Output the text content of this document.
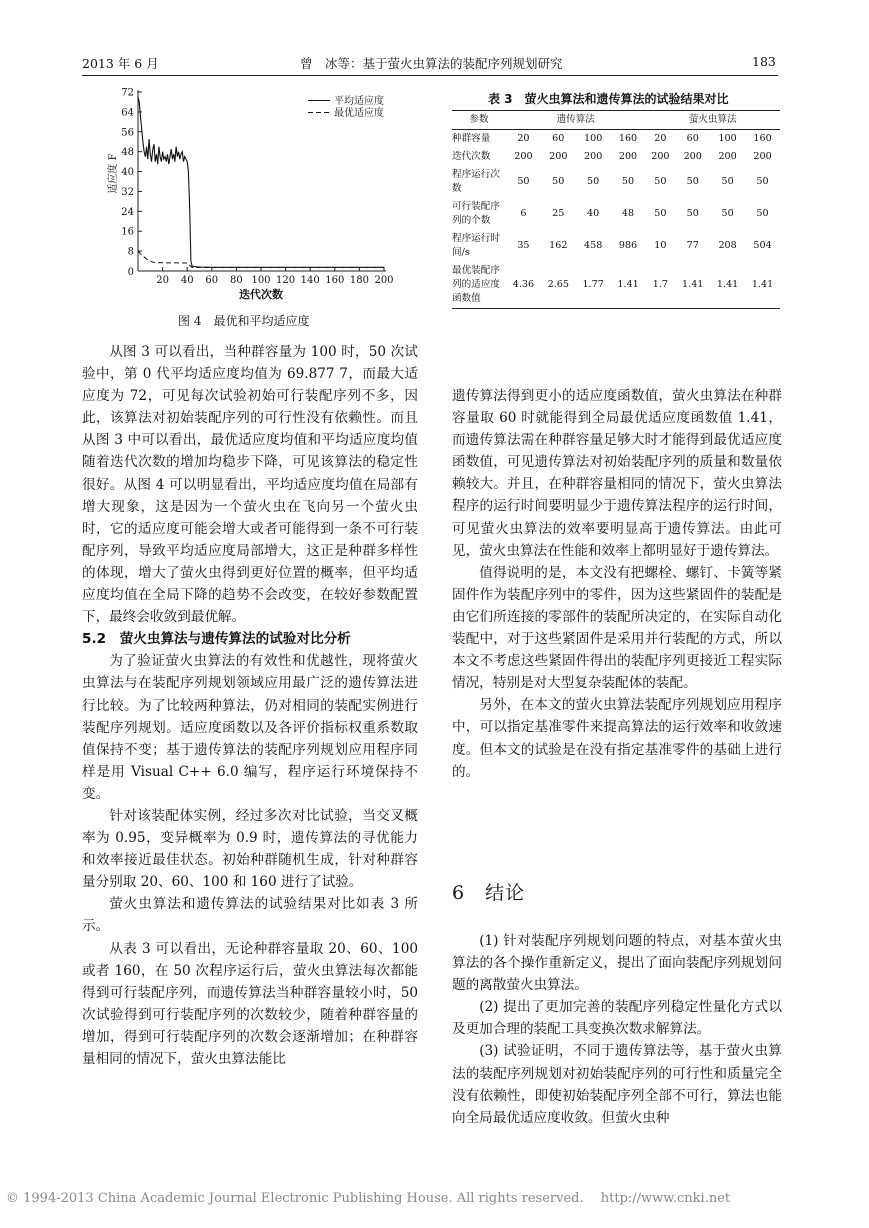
2013 年 6 月	曾　冰等：基于萤火虫算法的装配序列规划研究	183
8
16
24
32
40
48
56
64
72
20 40 60 80 100 120 140 160 180 200
0
迭代次数
适应度 F
平均适应度
最优适应度
图 4　最优和平均适应度

从图 3 可以看出，当种群容量为 100 时，50 次试验中，第 0 代平均适应度均值为 69.877 7，而最大适应度为 72，可见每次试验初始可行装配序列不多，因此，该算法对初始装配序列的可行性没有依赖性。而且从图 3 中可以看出，最优适应度均值和平均适应度均值随着迭代次数的增加均稳步下降，可见该算法的稳定性很好。从图 4 可以明显看出，平均适应度均值在局部有增大现象，这是因为一个萤火虫在飞向另一个萤火虫时，它的适应度可能会增大或者可能得到一条不可行装配序列，导致平均适应度局部增大，这正是种群多样性的体现，增大了萤火虫得到更好位置的概率，但平均适应度均值在全局下降的趋势不会改变，在较好参数配置下，最终会收敛到最优解。

5.2　萤火虫算法与遗传算法的试验对比分析

为了验证萤火虫算法的有效性和优越性，现将萤火虫算法与在装配序列规划领域应用最广泛的遗传算法进行比较。为了比较两种算法，仍对相同的装配实例进行装配序列规划。适应度函数以及各评价指标权重系数取值保持不变；基于遗传算法的装配序列规划应用程序同样是用 Visual C++ 6.0 编写，程序运行环境保持不变。

针对该装配体实例，经过多次对比试验，当交叉概率为 0.95，变异概率为 0.9 时，遗传算法的寻优能力和效率接近最佳状态。初始种群随机生成，针对种群容量分别取 20、60、100 和 160 进行了试验。

萤火虫算法和遗传算法的试验结果对比如表 3 所示。

从表 3 可以看出，无论种群容量取 20、60、100 或者 160，在 50 次程序运行后，萤火虫算法每次都能得到可行装配序列，而遗传算法当种群容量较小时，50 次试验得到可行装配序列的次数较少，随着种群容量的增加，得到可行装配序列的次数会逐渐增加；在种群容量相同的情况下，萤火虫算法能比

表 3　萤火虫算法和遗传算法的试验结果对比
参数	遗传算法				萤火虫算法			
种群容量	20	60	100	160	20	60	100	160
迭代次数	200	200	200	200	200	200	200	200
程序运行次数	50	50	50	50	50	50	50	50
可行装配序列的个数	6	25	40	48	50	50	50	50
程序运行时间/s	35	162	458	986	10	77	208	504
最优装配序列的适应度函数值	4.36	2.65	1.77	1.41	1.7	1.41	1.41	1.41

遗传算法得到更小的适应度函数值，萤火虫算法在种群容量取 60 时就能得到全局最优适应度函数值 1.41，而遗传算法需在种群容量足够大时才能得到最优适应度函数值，可见遗传算法对初始装配序列的质量和数量依赖较大。并且，在种群容量相同的情况下，萤火虫算法程序的运行时间要明显少于遗传算法程序的运行时间，可见萤火虫算法的效率要明显高于遗传算法。由此可见，萤火虫算法在性能和效率上都明显好于遗传算法。

值得说明的是，本文没有把螺栓、螺钉、卡簧等紧固件作为装配序列中的零件，因为这些紧固件的装配是由它们所连接的零部件的装配所决定的，在实际自动化装配中，对于这些紧固件是采用并行装配的方式，所以本文不考虑这些紧固件得出的装配序列更接近工程实际情况，特别是对大型复杂装配体的装配。

另外，在本文的萤火虫算法装配序列规划应用程序中，可以指定基准零件来提高算法的运行效率和收敛速度。但本文的试验是在没有指定基准零件的基础上进行的。

6　结论

(1) 针对装配序列规划问题的特点，对基本萤火虫算法的各个操作重新定义，提出了面向装配序列规划问题的离散萤火虫算法。

(2) 提出了更加完善的装配序列稳定性量化方式以及更加合理的装配工具变换次数求解算法。

(3) 试验证明，不同于遗传算法等，基于萤火虫算法的装配序列规划对初始装配序列的可行性和质量完全没有依赖性，即使初始装配序列全部不可行，算法也能向全局最优适应度收敛。但萤火虫种

© 1994-2013 China Academic Journal Electronic Publishing House. All rights reserved.　 http://www.cnki.net
